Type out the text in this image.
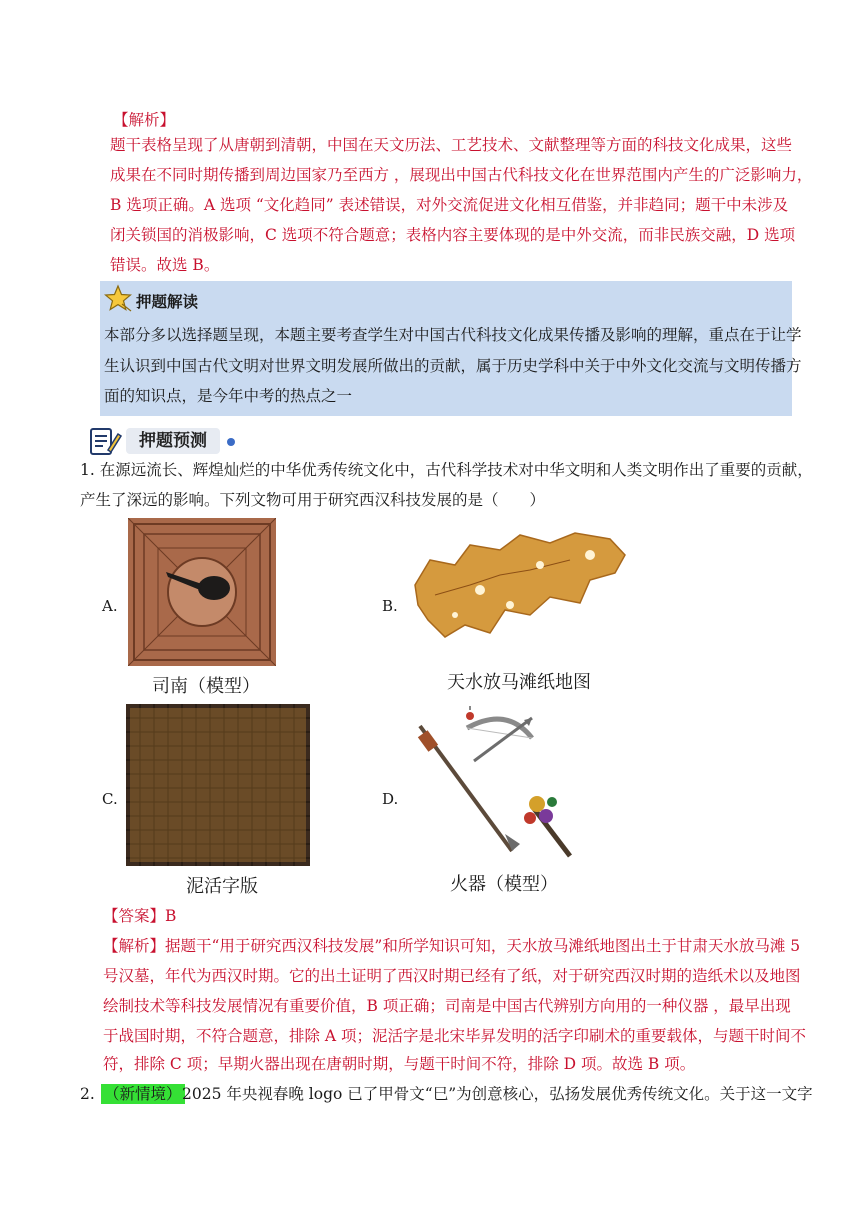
【解析】
题干表格呈现了从唐朝到清朝，中国在天文历法、工艺技术、文献整理等方面的科技文化成果，这些
成果在不同时期传播到周边国家乃至西方 ，展现出中国古代科技文化在世界范围内产生的广泛影响力，
B 选项正确。A 选项 “文化趋同” 表述错误，对外交流促进文化相互借鉴，并非趋同；题干中未涉及
闭关锁国的消极影响，C 选项不符合题意；表格内容主要体现的是中外交流，而非民族交融，D 选项
错误。故选 B。
押题解读
本部分多以选择题呈现，本题主要考查学生对中国古代科技文化成果传播及影响的理解，重点在于让学
生认识到中国古代文明对世界文明发展所做出的贡献，属于历史学科中关于中外文化交流与文明传播方
面的知识点，是今年中考的热点之一
押题预测
1. 在源远流长、辉煌灿烂的中华优秀传统文化中，古代科学技术对中华文明和人类文明作出了重要的贡献，
产生了深远的影响。下列文物可用于研究西汉科技发展的是（　　）
A.
司南（模型）
B.
天水放马滩纸地图
C.
泥活字版
D.
火器（模型）
【答案】B
【解析】据题干“用于研究西汉科技发展”和所学知识可知，天水放马滩纸地图出土于甘肃天水放马滩 5
号汉墓，年代为西汉时期。它的出土证明了西汉时期已经有了纸，对于研究西汉时期的造纸术以及地图
绘制技术等科技发展情况有重要价值，B 项正确；司南是中国古代辨别方向用的一种仪器 ，最早出现
于战国时期，不符合题意，排除 A 项；泥活字是北宋毕昇发明的活字印刷术的重要载体，与题干时间不
符，排除 C 项；早期火器出现在唐朝时期，与题干时间不符，排除 D 项。故选 B 项。
2. （新情境） 2025 年央视春晚 logo 已了甲骨文“巳”为创意核心，弘扬发展优秀传统文化。关于这一文字
